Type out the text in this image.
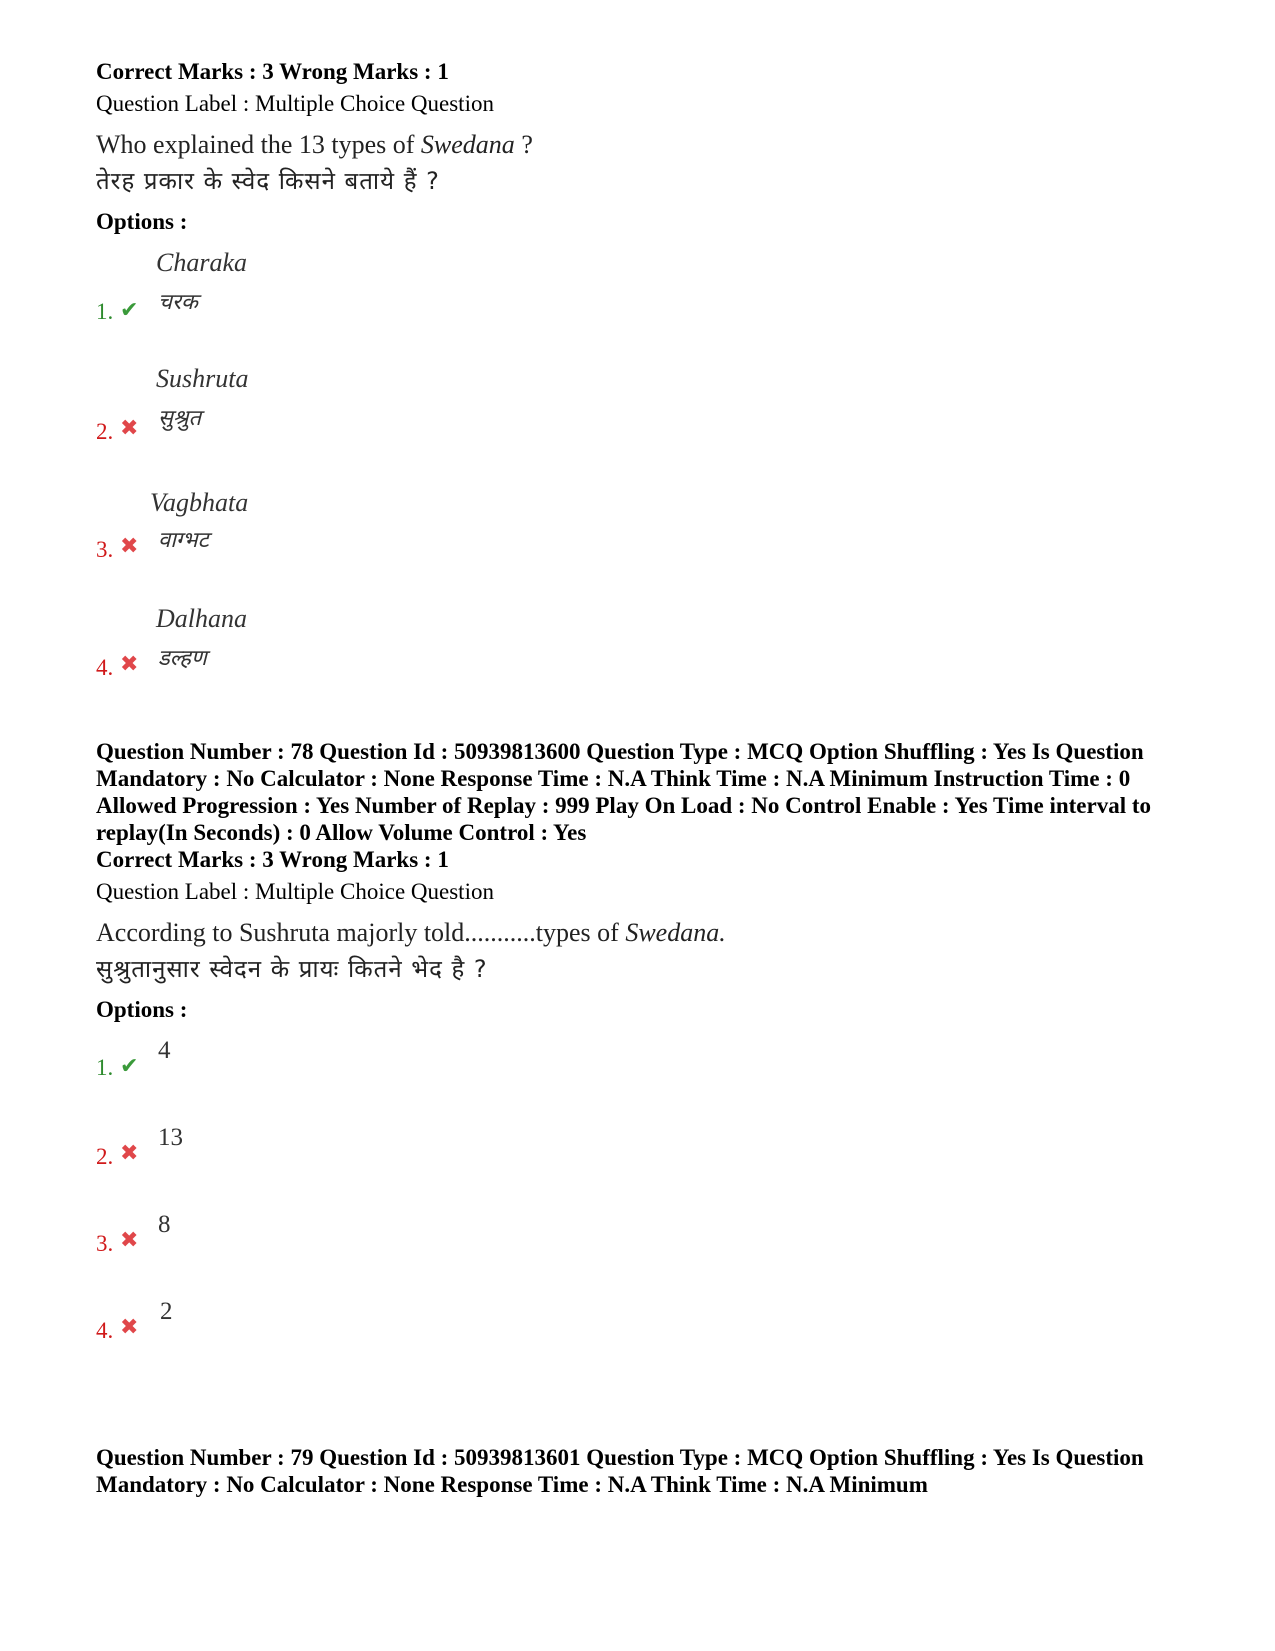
Correct Marks : 3 Wrong Marks : 1
Question Label : Multiple Choice Question
Who explained the 13 types of Swedana ?
तेरह प्रकार के स्वेद किसने बताये हैं ?
Options :
Charaka
चरक
1. ✔
Sushruta
सुश्रुत
2. ✖
Vagbhata
वाग्भट
3. ✖
Dalhana
डल्हण
4. ✖
Question Number : 78 Question Id : 50939813600 Question Type : MCQ Option Shuffling : Yes Is Question Mandatory : No Calculator : None Response Time : N.A Think Time : N.A Minimum Instruction Time : 0 Allowed Progression : Yes Number of Replay : 999 Play On Load : No Control Enable : Yes Time interval to replay(In Seconds) : 0 Allow Volume Control : Yes
Correct Marks : 3 Wrong Marks : 1
Question Label : Multiple Choice Question
According to Sushruta majorly told...........types of Swedana.
सुश्रुतानुसार स्वेदन के प्रायः कितने भेद है ?
Options :
4
1. ✔
13
2. ✖
8
3. ✖
2
4. ✖
Question Number : 79 Question Id : 50939813601 Question Type : MCQ Option Shuffling : Yes Is Question Mandatory : No Calculator : None Response Time : N.A Think Time : N.A Minimum
